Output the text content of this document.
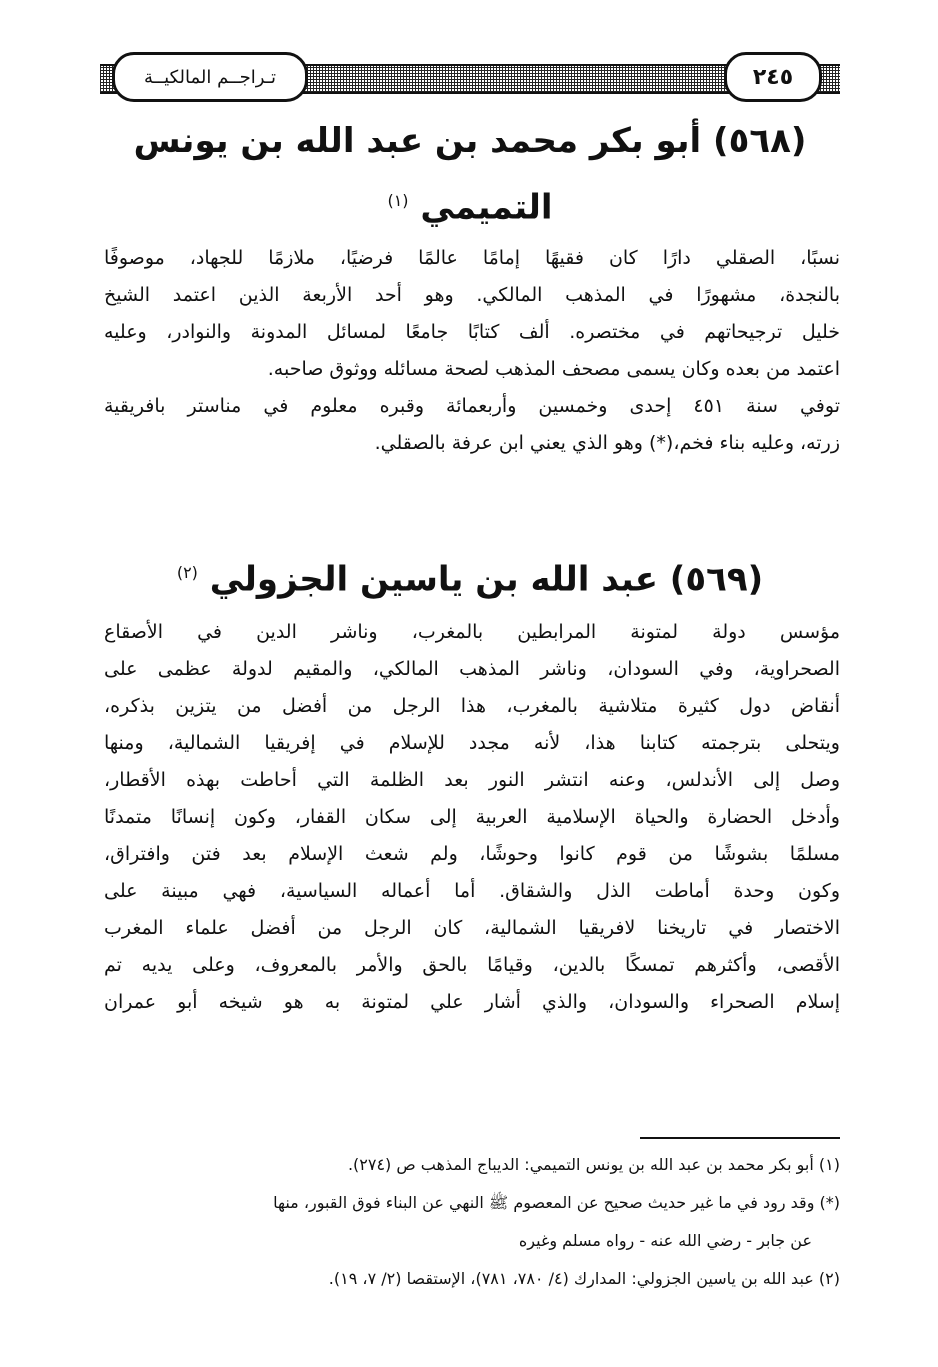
تـراجــم المالكيــة	٢٤٥
(٥٦٨) أبو بكر محمد بن عبد الله بن يونس
التميمي $^{(١)}$
نسبًا، الصقلي دارًا كان فقيهًا إمامًا عالمًا فرضيًا، ملازمًا للجهاد، موصوفًا
بالنجدة، مشهورًا في المذهب المالكي. وهو أحد الأربعة الذين اعتمد الشيخ
خليل ترجيحاتهم في مختصره. ألف كتابًا جامعًا لمسائل المدونة والنوادر، وعليه
اعتمد من بعده وكان يسمى مصحف المذهب لصحة مسائله ووثوق صاحبه.
توفي سنة ٤٥١ إحدى وخمسين وأربعمائة وقبره معلوم في مناستر بافريقية
زرته، وعليه بناء فخم،(*) وهو الذي يعني ابن عرفة بالصقلي.
(٥٦٩) عبد الله بن ياسين الجزولي $^{(٢)}$
مؤسس دولة لمتونة المرابطين بالمغرب، وناشر الدين في الأصقاع
الصحراوية، وفي السودان، وناشر المذهب المالكي، والمقيم لدولة عظمى على
أنقاض دول كثيرة متلاشية بالمغرب، هذا الرجل من أفضل من يتزين بذكره،
ويتحلى بترجمته كتابنا هذا، لأنه مجدد للإسلام في إفريقيا الشمالية، ومنها
وصل إلى الأندلس، وعنه انتشر النور بعد الظلمة التي أحاطت بهذه الأقطار،
وأدخل الحضارة والحياة الإسلامية العربية إلى سكان القفار، وكون إنسانًا متمدنًا
مسلمًا بشوشًا من قوم كانوا وحوشًا، ولم شعث الإسلام بعد فتن وافتراق،
وكون وحدة أماطت الذل والشقاق. أما أعماله السياسية، فهي مبينة على
الاختصار في تاريخنا لافريقيا الشمالية، كان الرجل من أفضل علماء المغرب
الأقصى، وأكثرهم تمسكًا بالدين، وقيامًا بالحق والأمر بالمعروف، وعلى يديه تم
إسلام الصحراء والسودان، والذي أشار علي لمتونة به هو شيخه أبو عمران
(١) أبو بكر محمد بن عبد الله بن يونس التميمي: الديباج المذهب ص (٢٧٤).
(*) وقد رود في ما غير حديث صحيح عن المعصوم ﷺ النهي عن البناء فوق القبور، منها
عن جابر - رضي الله عنه - رواه مسلم وغيره
(٢) عبد الله بن ياسين الجزولي: المدارك (٤/ ٧٨٠، ٧٨١)، الإستقصا (٢/ ٧، ١٩).
